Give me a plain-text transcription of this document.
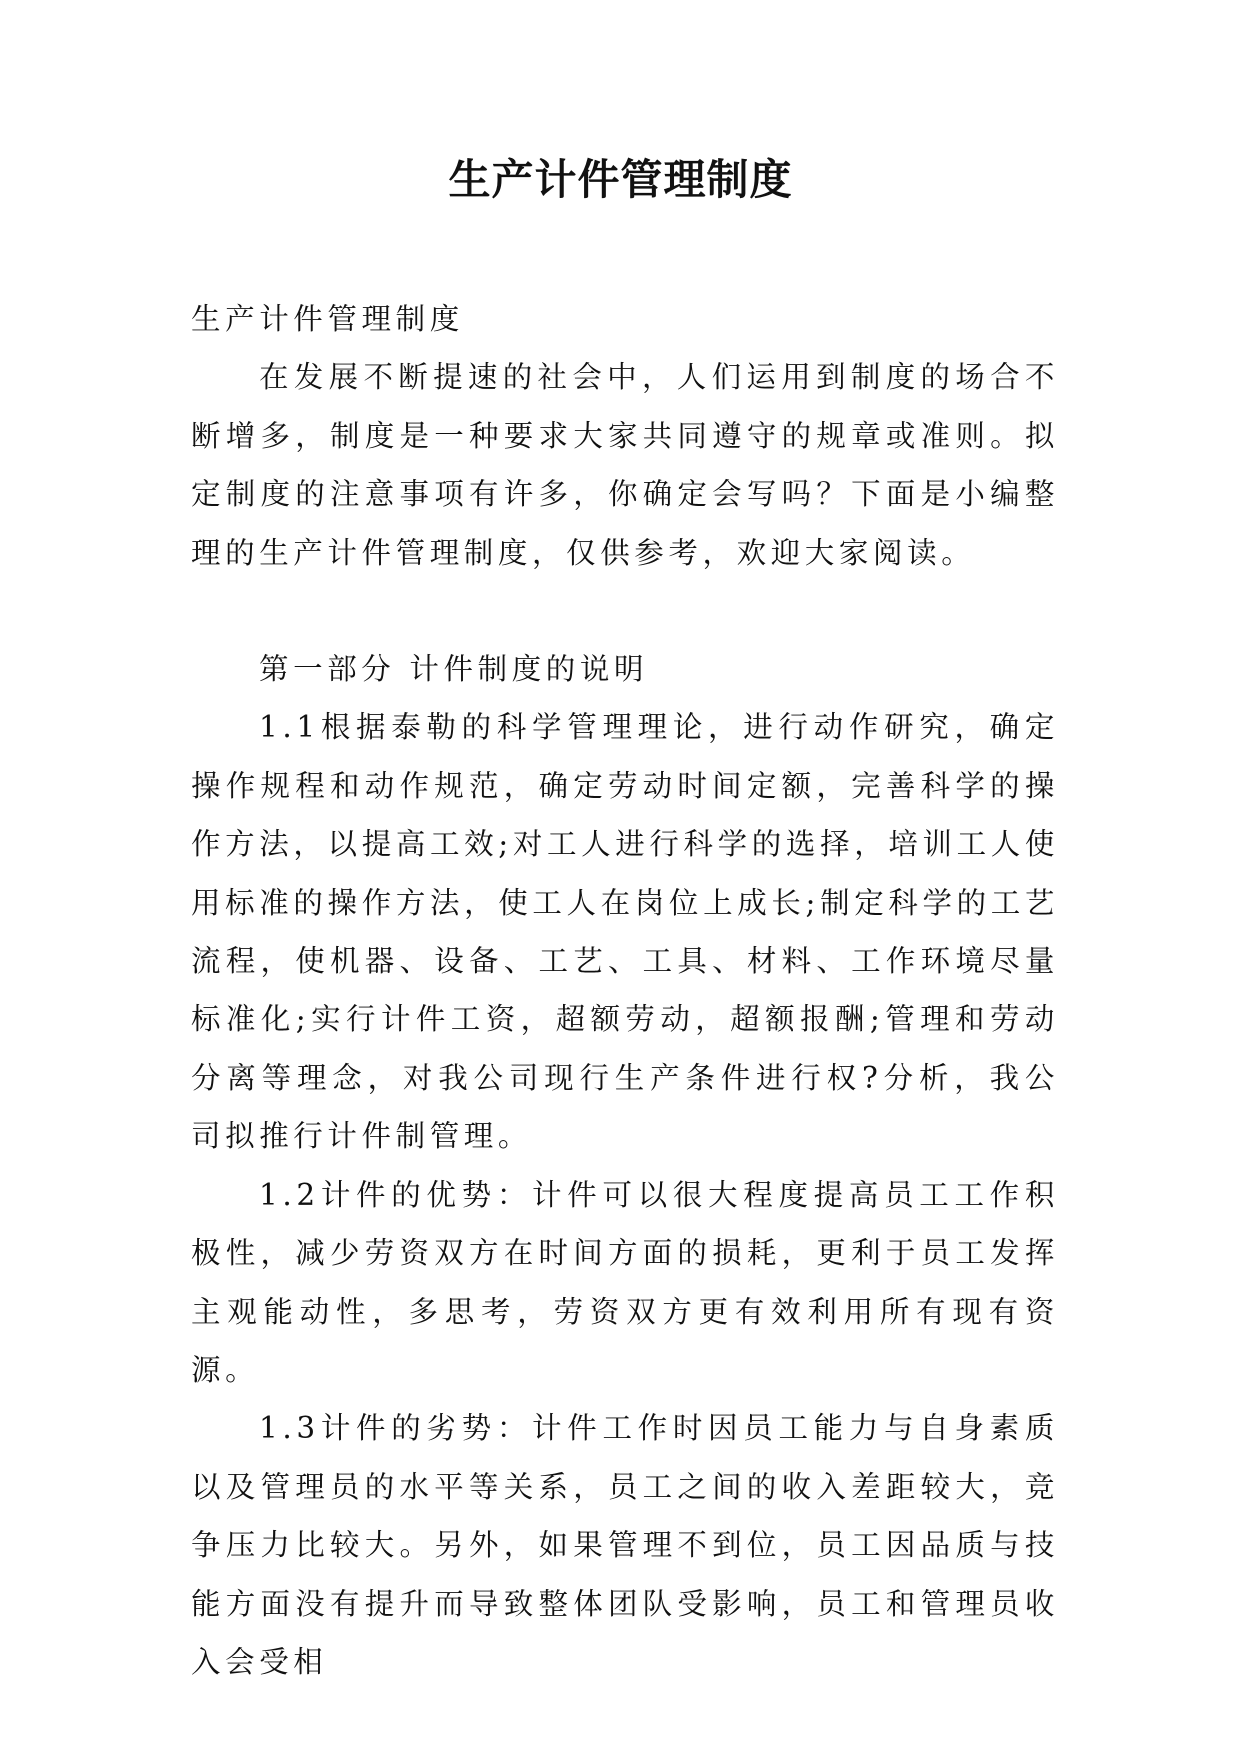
生产计件管理制度

生产计件管理制度

在发展不断提速的社会中，人们运用到制度的场合不断增多，制度是一种要求大家共同遵守的规章或准则。拟定制度的注意事项有许多，你确定会写吗？下面是小编整理的生产计件管理制度，仅供参考，欢迎大家阅读。

第一部分 计件制度的说明

1.1根据泰勒的科学管理理论，进行动作研究，确定操作规程和动作规范，确定劳动时间定额，完善科学的操作方法，以提高工效;对工人进行科学的选择，培训工人使用标准的操作方法，使工人在岗位上成长;制定科学的工艺流程，使机器、设备、工艺、工具、材料、工作环境尽量标准化;实行计件工资，超额劳动，超额报酬;管理和劳动分离等理念，对我公司现行生产条件进行权?分析，我公司拟推行计件制管理。

1.2计件的优势：计件可以很大程度提高员工工作积极性，减少劳资双方在时间方面的损耗，更利于员工发挥主观能动性，多思考，劳资双方更有效利用所有现有资源。

1.3计件的劣势：计件工作时因员工能力与自身素质以及管理员的水平等关系，员工之间的收入差距较大，竞争压力比较大。另外，如果管理不到位，员工因品质与技能方面没有提升而导致整体团队受影响，员工和管理员收入会受相
